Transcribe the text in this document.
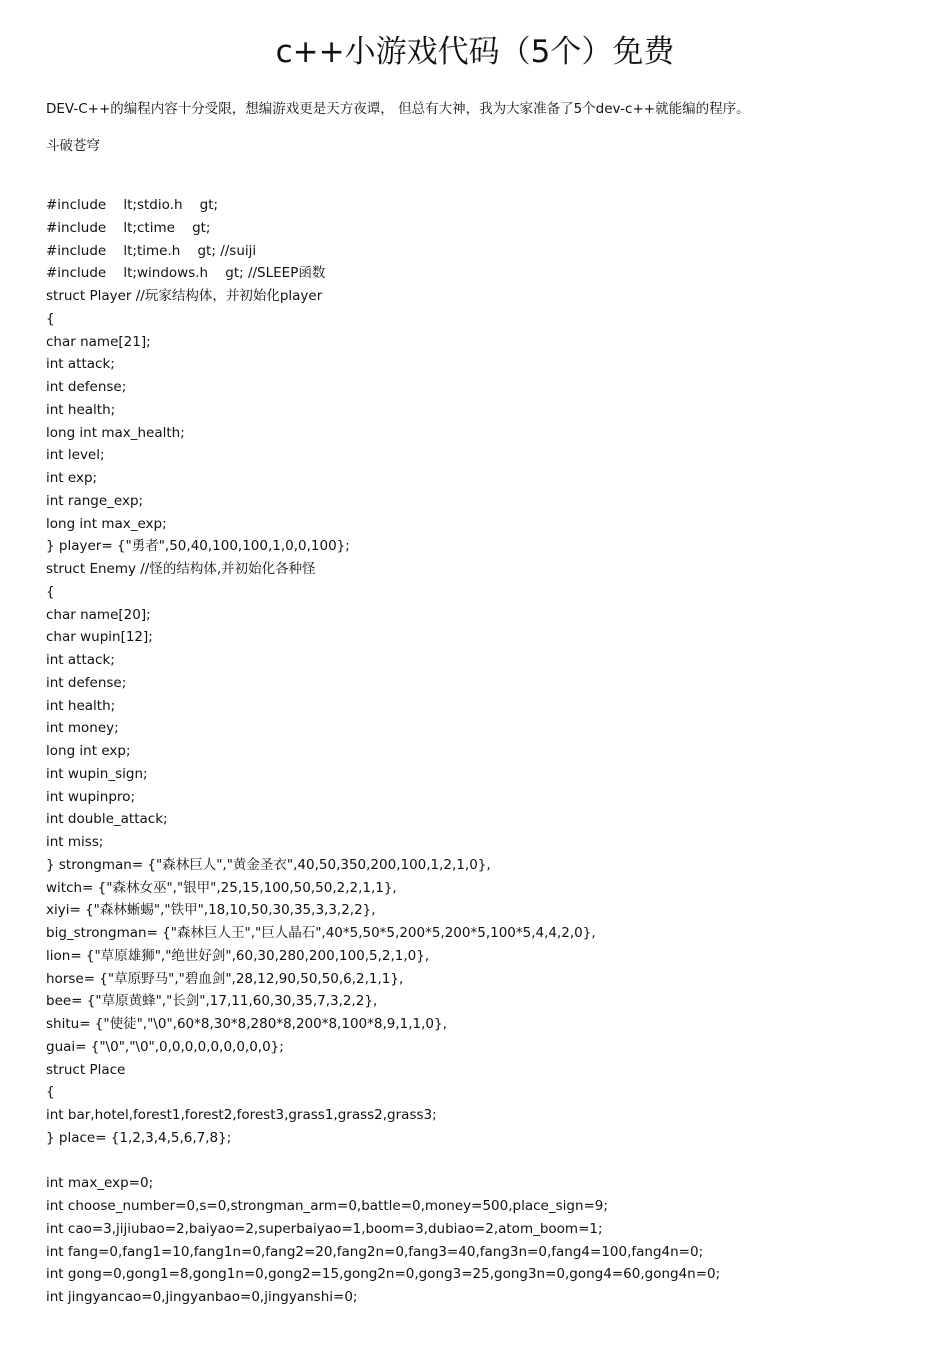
c++小游戏代码（5个）免费

DEV-C++的编程内容十分受限，想编游戏更是天方夜谭， 但总有大神，我为大家准备了5个dev-c++就能编的程序。

斗破苍穹

#include    lt;stdio.h    gt;
#include    lt;ctime    gt;
#include    lt;time.h    gt; //suiji
#include    lt;windows.h    gt; //SLEEP函数
struct Player //玩家结构体，并初始化player
{
char name[21];
int attack;
int defense;
int health;
long int max_health;
int level;
int exp;
int range_exp;
long int max_exp;
} player= {"勇者",50,40,100,100,1,0,0,100};
struct Enemy //怪的结构体,并初始化各种怪
{
char name[20];
char wupin[12];
int attack;
int defense;
int health;
int money;
long int exp;
int wupin_sign;
int wupinpro;
int double_attack;
int miss;
} strongman= {"森林巨人","黄金圣衣",40,50,350,200,100,1,2,1,0},
witch= {"森林女巫","银甲",25,15,100,50,50,2,2,1,1},
xiyi= {"森林蜥蜴","铁甲",18,10,50,30,35,3,3,2,2},
big_strongman= {"森林巨人王","巨人晶石",40*5,50*5,200*5,200*5,100*5,4,4,2,0},
lion= {"草原雄狮","绝世好剑",60,30,280,200,100,5,2,1,0},
horse= {"草原野马","碧血剑",28,12,90,50,50,6,2,1,1},
bee= {"草原黄蜂","长剑",17,11,60,30,35,7,3,2,2},
shitu= {"使徒","\0",60*8,30*8,280*8,200*8,100*8,9,1,1,0},
guai= {"\0","\0",0,0,0,0,0,0,0,0,0};
struct Place
{
int bar,hotel,forest1,forest2,forest3,grass1,grass2,grass3;
} place= {1,2,3,4,5,6,7,8};
int max_exp=0;
int choose_number=0,s=0,strongman_arm=0,battle=0,money=500,place_sign=9;
int cao=3,jijiubao=2,baiyao=2,superbaiyao=1,boom=3,dubiao=2,atom_boom=1;
int fang=0,fang1=10,fang1n=0,fang2=20,fang2n=0,fang3=40,fang3n=0,fang4=100,fang4n=0;
int gong=0,gong1=8,gong1n=0,gong2=15,gong2n=0,gong3=25,gong3n=0,gong4=60,gong4n=0;
int jingyancao=0,jingyanbao=0,jingyanshi=0;
